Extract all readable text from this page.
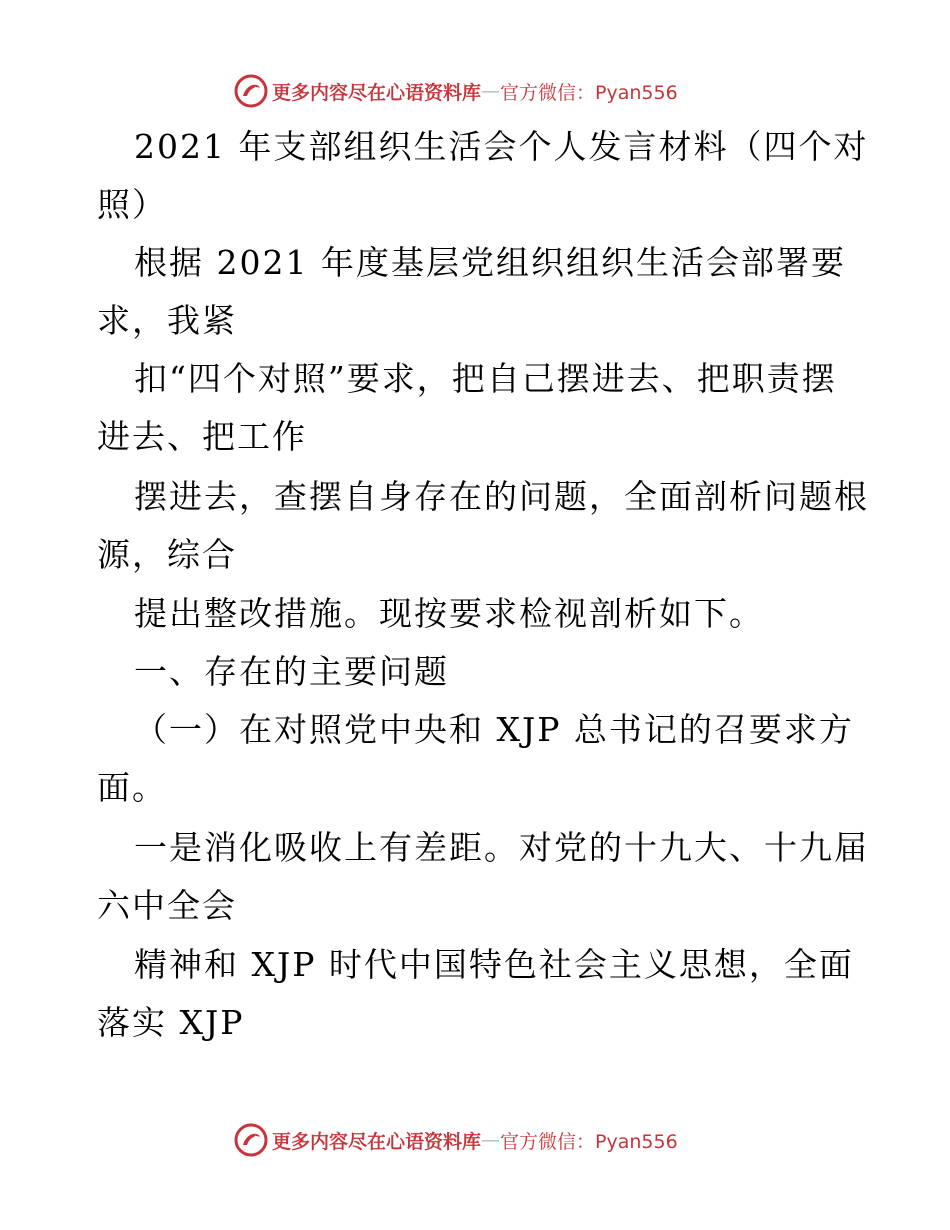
更多内容尽在心语资料库 — 官方微信：Pyan556
2021 年支部组织生活会个人发言材料（四个对
照）
根据 2021 年度基层党组织组织生活会部署要
求，我紧
扣“四个对照”要求，把自己摆进去、把职责摆
进去、把工作
摆进去，查摆自身存在的问题，全面剖析问题根
源，综合
提出整改措施。现按要求检视剖析如下。
一、存在的主要问题
（一）在对照党中央和 XJP 总书记的召要求方
面。
一是消化吸收上有差距。对党的十九大、十九届
六中全会
精神和 XJP 时代中国特色社会主义思想，全面
落实 XJP
更多内容尽在心语资料库 — 官方微信：Pyan556
